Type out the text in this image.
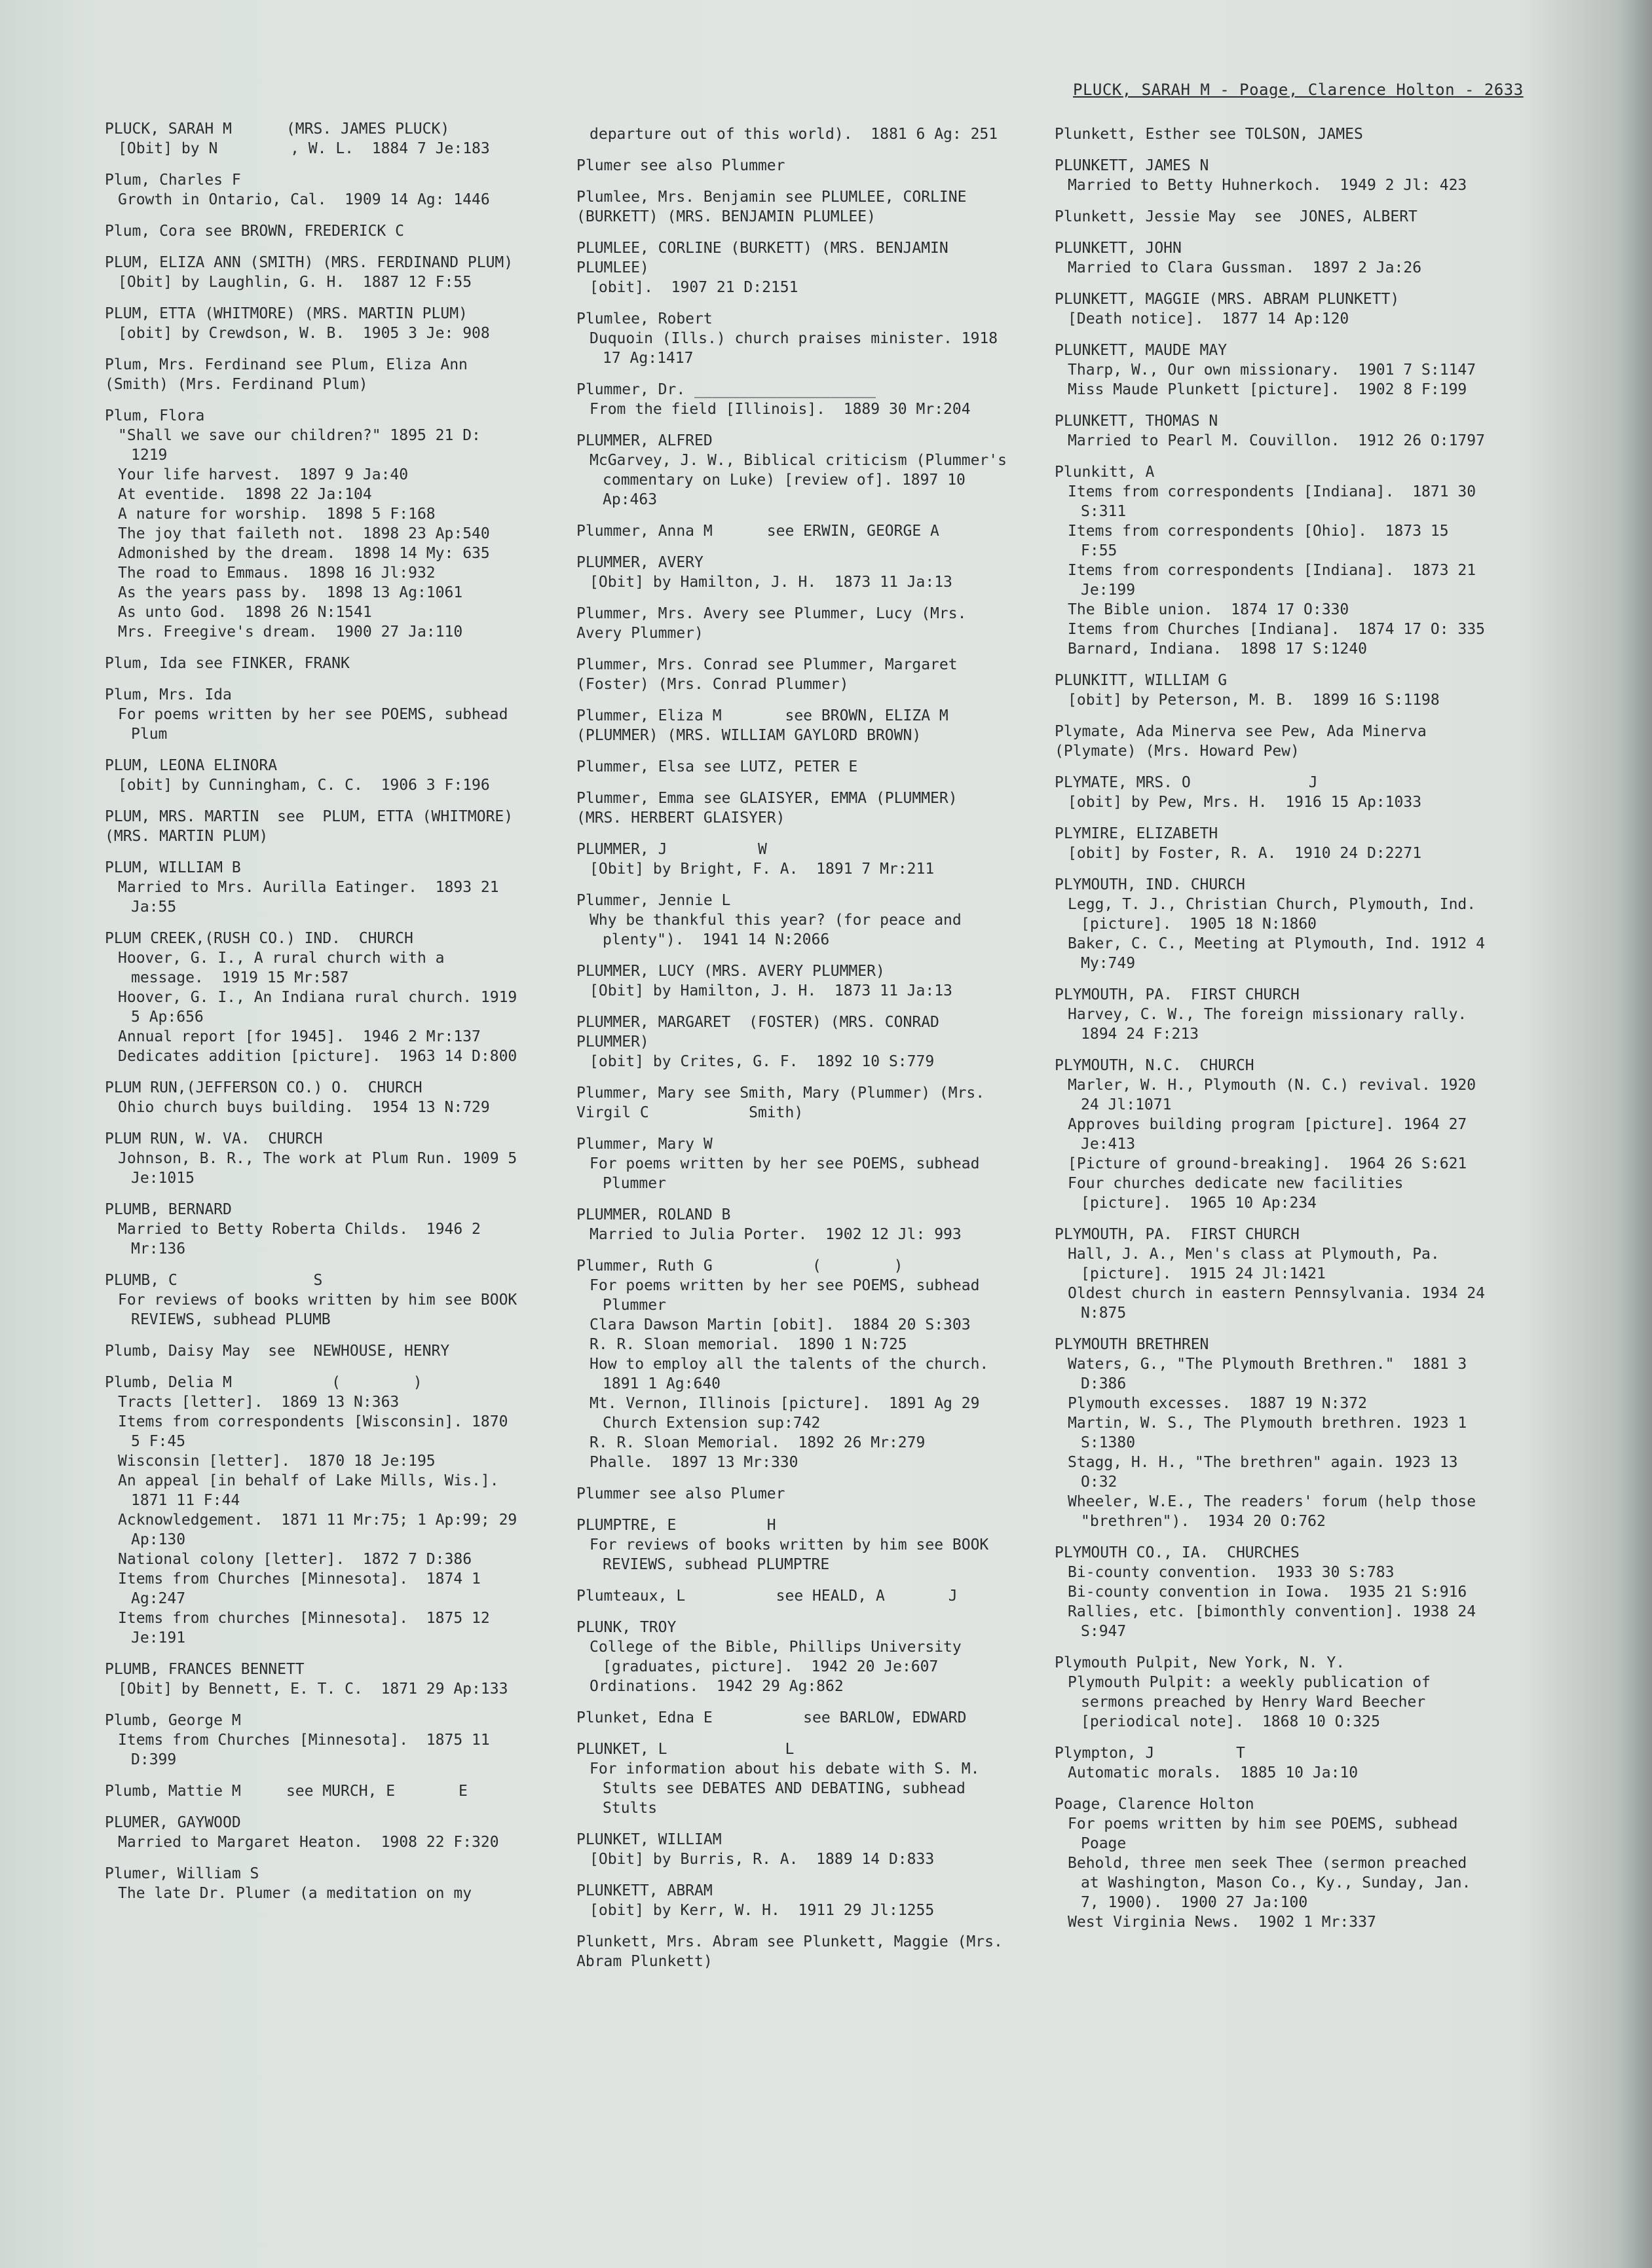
PLUCK, SARAH M - Poage, Clarence Holton - 2633
PLUCK, SARAH M      (MRS. JAMES PLUCK)
[Obit] by N        , W. L.  1884 7 Je:183
Plum, Charles F
Growth in Ontario, Cal.  1909 14 Ag: 1446
Plum, Cora see BROWN, FREDERICK C
PLUM, ELIZA ANN (SMITH) (MRS. FERDINAND PLUM)
[Obit] by Laughlin, G. H.  1887 12 F:55
PLUM, ETTA (WHITMORE) (MRS. MARTIN PLUM)
[obit] by Crewdson, W. B.  1905 3 Je: 908
Plum, Mrs. Ferdinand see Plum, Eliza Ann (Smith) (Mrs. Ferdinand Plum)
Plum, Flora
"Shall we save our children?" 1895 21 D: 1219
Your life harvest.  1897 9 Ja:40
At eventide.  1898 22 Ja:104
A nature for worship.  1898 5 F:168
The joy that faileth not.  1898 23 Ap:540
Admonished by the dream.  1898 14 My: 635
The road to Emmaus.  1898 16 Jl:932
As the years pass by.  1898 13 Ag:1061
As unto God.  1898 26 N:1541
Mrs. Freegive's dream.  1900 27 Ja:110
Plum, Ida see FINKER, FRANK
Plum, Mrs. Ida
For poems written by her see POEMS, subhead Plum
PLUM, LEONA ELINORA
[obit] by Cunningham, C. C.  1906 3 F:196
PLUM, MRS. MARTIN  see  PLUM, ETTA (WHITMORE) (MRS. MARTIN PLUM)
PLUM, WILLIAM B
Married to Mrs. Aurilla Eatinger.  1893 21 Ja:55
PLUM CREEK,(RUSH CO.) IND.  CHURCH
Hoover, G. I., A rural church with a message.  1919 15 Mr:587
Hoover, G. I., An Indiana rural church. 1919 5 Ap:656
Annual report [for 1945].  1946 2 Mr:137
Dedicates addition [picture].  1963 14 D:800
PLUM RUN,(JEFFERSON CO.) O.  CHURCH
Ohio church buys building.  1954 13 N:729
PLUM RUN, W. VA.  CHURCH
Johnson, B. R., The work at Plum Run. 1909 5 Je:1015
PLUMB, BERNARD
Married to Betty Roberta Childs.  1946 2 Mr:136
PLUMB, C               S
For reviews of books written by him see BOOK REVIEWS, subhead PLUMB
Plumb, Daisy May  see  NEWHOUSE, HENRY
Plumb, Delia M           (        )
Tracts [letter].  1869 13 N:363
Items from correspondents [Wisconsin]. 1870 5 F:45
Wisconsin [letter].  1870 18 Je:195
An appeal [in behalf of Lake Mills, Wis.]. 1871 11 F:44
Acknowledgement.  1871 11 Mr:75; 1 Ap:99; 29 Ap:130
National colony [letter].  1872 7 D:386
Items from Churches [Minnesota].  1874 1 Ag:247
Items from churches [Minnesota].  1875 12 Je:191
PLUMB, FRANCES BENNETT
[Obit] by Bennett, E. T. C.  1871 29 Ap:133
Plumb, George M
Items from Churches [Minnesota].  1875 11 D:399
Plumb, Mattie M     see MURCH, E       E
PLUMER, GAYWOOD
Married to Margaret Heaton.  1908 22 F:320
Plumer, William S
The late Dr. Plumer (a meditation on my
departure out of this world).  1881 6 Ag: 251
Plumer see also Plummer
Plumlee, Mrs. Benjamin see PLUMLEE, CORLINE (BURKETT) (MRS. BENJAMIN PLUMLEE)
PLUMLEE, CORLINE (BURKETT) (MRS. BENJAMIN PLUMLEE)
[obit].  1907 21 D:2151
Plumlee, Robert
Duquoin (Ills.) church praises minister. 1918 17 Ag:1417
Plummer, Dr. ____________________
From the field [Illinois].  1889 30 Mr:204
PLUMMER, ALFRED
McGarvey, J. W., Biblical criticism (Plummer's commentary on Luke) [review of]. 1897 10 Ap:463
Plummer, Anna M      see ERWIN, GEORGE A
PLUMMER, AVERY
[Obit] by Hamilton, J. H.  1873 11 Ja:13
Plummer, Mrs. Avery see Plummer, Lucy (Mrs. Avery Plummer)
Plummer, Mrs. Conrad see Plummer, Margaret (Foster) (Mrs. Conrad Plummer)
Plummer, Eliza M       see BROWN, ELIZA M (PLUMMER) (MRS. WILLIAM GAYLORD BROWN)
Plummer, Elsa see LUTZ, PETER E
Plummer, Emma see GLAISYER, EMMA (PLUMMER) (MRS. HERBERT GLAISYER)
PLUMMER, J          W
[Obit] by Bright, F. A.  1891 7 Mr:211
Plummer, Jennie L
Why be thankful this year? (for peace and plenty").  1941 14 N:2066
PLUMMER, LUCY (MRS. AVERY PLUMMER)
[Obit] by Hamilton, J. H.  1873 11 Ja:13
PLUMMER, MARGARET  (FOSTER) (MRS. CONRAD PLUMMER)
[obit] by Crites, G. F.  1892 10 S:779
Plummer, Mary see Smith, Mary (Plummer) (Mrs. Virgil C           Smith)
Plummer, Mary W
For poems written by her see POEMS, subhead Plummer
PLUMMER, ROLAND B
Married to Julia Porter.  1902 12 Jl: 993
Plummer, Ruth G           (        )
For poems written by her see POEMS, subhead Plummer
Clara Dawson Martin [obit].  1884 20 S:303
R. R. Sloan memorial.  1890 1 N:725
How to employ all the talents of the church.  1891 1 Ag:640
Mt. Vernon, Illinois [picture].  1891 Ag 29 Church Extension sup:742
R. R. Sloan Memorial.  1892 26 Mr:279
Phalle.  1897 13 Mr:330
Plummer see also Plumer
PLUMPTRE, E          H
For reviews of books written by him see BOOK REVIEWS, subhead PLUMPTRE
Plumteaux, L          see HEALD, A       J
PLUNK, TROY
College of the Bible, Phillips University [graduates, picture].  1942 20 Je:607
Ordinations.  1942 29 Ag:862
Plunket, Edna E          see BARLOW, EDWARD
PLUNKET, L             L
For information about his debate with S. M. Stults see DEBATES AND DEBATING, subhead Stults
PLUNKET, WILLIAM
[Obit] by Burris, R. A.  1889 14 D:833
PLUNKETT, ABRAM
[obit] by Kerr, W. H.  1911 29 Jl:1255
Plunkett, Mrs. Abram see Plunkett, Maggie (Mrs. Abram Plunkett)
Plunkett, Esther see TOLSON, JAMES
PLUNKETT, JAMES N
Married to Betty Huhnerkoch.  1949 2 Jl: 423
Plunkett, Jessie May  see  JONES, ALBERT
PLUNKETT, JOHN
Married to Clara Gussman.  1897 2 Ja:26
PLUNKETT, MAGGIE (MRS. ABRAM PLUNKETT)
[Death notice].  1877 14 Ap:120
PLUNKETT, MAUDE MAY
Tharp, W., Our own missionary.  1901 7 S:1147
Miss Maude Plunkett [picture].  1902 8 F:199
PLUNKETT, THOMAS N
Married to Pearl M. Couvillon.  1912 26 O:1797
Plunkitt, A
Items from correspondents [Indiana].  1871 30 S:311
Items from correspondents [Ohio].  1873 15 F:55
Items from correspondents [Indiana].  1873 21 Je:199
The Bible union.  1874 17 O:330
Items from Churches [Indiana].  1874 17 O: 335
Barnard, Indiana.  1898 17 S:1240
PLUNKITT, WILLIAM G
[obit] by Peterson, M. B.  1899 16 S:1198
Plymate, Ada Minerva see Pew, Ada Minerva (Plymate) (Mrs. Howard Pew)
PLYMATE, MRS. O             J
[obit] by Pew, Mrs. H.  1916 15 Ap:1033
PLYMIRE, ELIZABETH
[obit] by Foster, R. A.  1910 24 D:2271
PLYMOUTH, IND. CHURCH
Legg, T. J., Christian Church, Plymouth, Ind. [picture].  1905 18 N:1860
Baker, C. C., Meeting at Plymouth, Ind. 1912 4 My:749
PLYMOUTH, PA.  FIRST CHURCH
Harvey, C. W., The foreign missionary rally.  1894 24 F:213
PLYMOUTH, N.C.  CHURCH
Marler, W. H., Plymouth (N. C.) revival. 1920 24 Jl:1071
Approves building program [picture]. 1964 27 Je:413
[Picture of ground-breaking].  1964 26 S:621
Four churches dedicate new facilities [picture].  1965 10 Ap:234
PLYMOUTH, PA.  FIRST CHURCH
Hall, J. A., Men's class at Plymouth, Pa. [picture].  1915 24 Jl:1421
Oldest church in eastern Pennsylvania. 1934 24 N:875
PLYMOUTH BRETHREN
Waters, G., "The Plymouth Brethren."  1881 3 D:386
Plymouth excesses.  1887 19 N:372
Martin, W. S., The Plymouth brethren. 1923 1 S:1380
Stagg, H. H., "The brethren" again. 1923 13 O:32
Wheeler, W.E., The readers' forum (help those "brethren").  1934 20 O:762
PLYMOUTH CO., IA.  CHURCHES
Bi-county convention.  1933 30 S:783
Bi-county convention in Iowa.  1935 21 S:916
Rallies, etc. [bimonthly convention]. 1938 24 S:947
Plymouth Pulpit, New York, N. Y.
Plymouth Pulpit: a weekly publication of sermons preached by Henry Ward Beecher [periodical note].  1868 10 O:325
Plympton, J         T
Automatic morals.  1885 10 Ja:10
Poage, Clarence Holton
For poems written by him see POEMS, subhead Poage
Behold, three men seek Thee (sermon preached at Washington, Mason Co., Ky., Sunday, Jan. 7, 1900).  1900 27 Ja:100
West Virginia News.  1902 1 Mr:337
